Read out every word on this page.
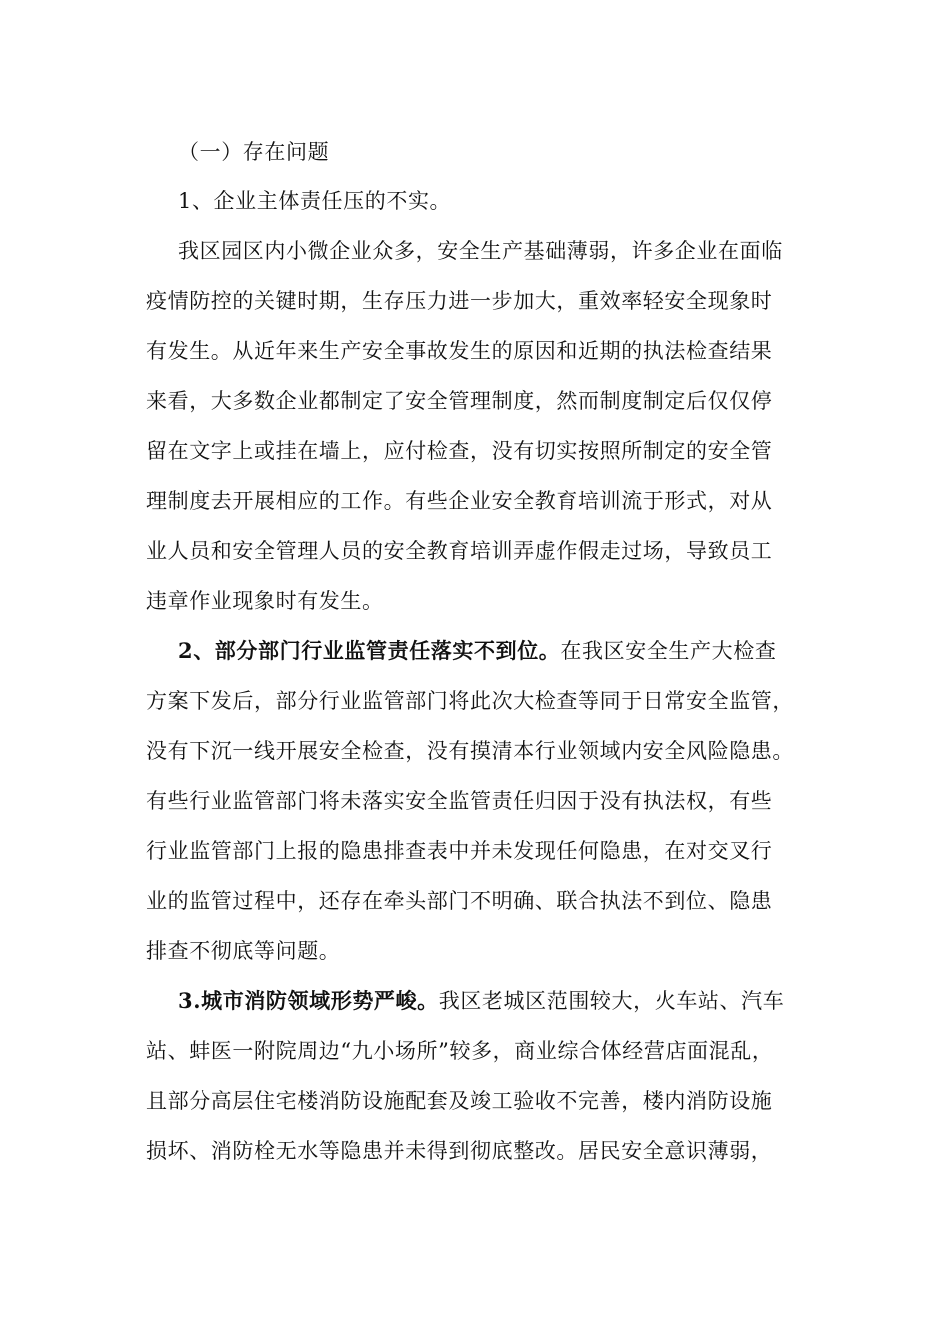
（一）存在问题
1、企业主体责任压的不实。
我区园区内小微企业众多，安全生产基础薄弱，许多企业在面临
疫情防控的关键时期，生存压力进一步加大，重效率轻安全现象时
有发生。从近年来生产安全事故发生的原因和近期的执法检查结果
来看，大多数企业都制定了安全管理制度，然而制度制定后仅仅停
留在文字上或挂在墙上，应付检查，没有切实按照所制定的安全管
理制度去开展相应的工作。有些企业安全教育培训流于形式，对从
业人员和安全管理人员的安全教育培训弄虚作假走过场，导致员工
违章作业现象时有发生。
2、部分部门行业监管责任落实不到位。在我区安全生产大检查
方案下发后，部分行业监管部门将此次大检查等同于日常安全监管，
没有下沉一线开展安全检查，没有摸清本行业领域内安全风险隐患。
有些行业监管部门将未落实安全监管责任归因于没有执法权，有些
行业监管部门上报的隐患排查表中并未发现任何隐患，在对交叉行
业的监管过程中，还存在牵头部门不明确、联合执法不到位、隐患
排查不彻底等问题。
3.城市消防领域形势严峻。我区老城区范围较大，火车站、汽车
站、蚌医一附院周边“九小场所”较多，商业综合体经营店面混乱，
且部分高层住宅楼消防设施配套及竣工验收不完善，楼内消防设施
损坏、消防栓无水等隐患并未得到彻底整改。居民安全意识薄弱，
